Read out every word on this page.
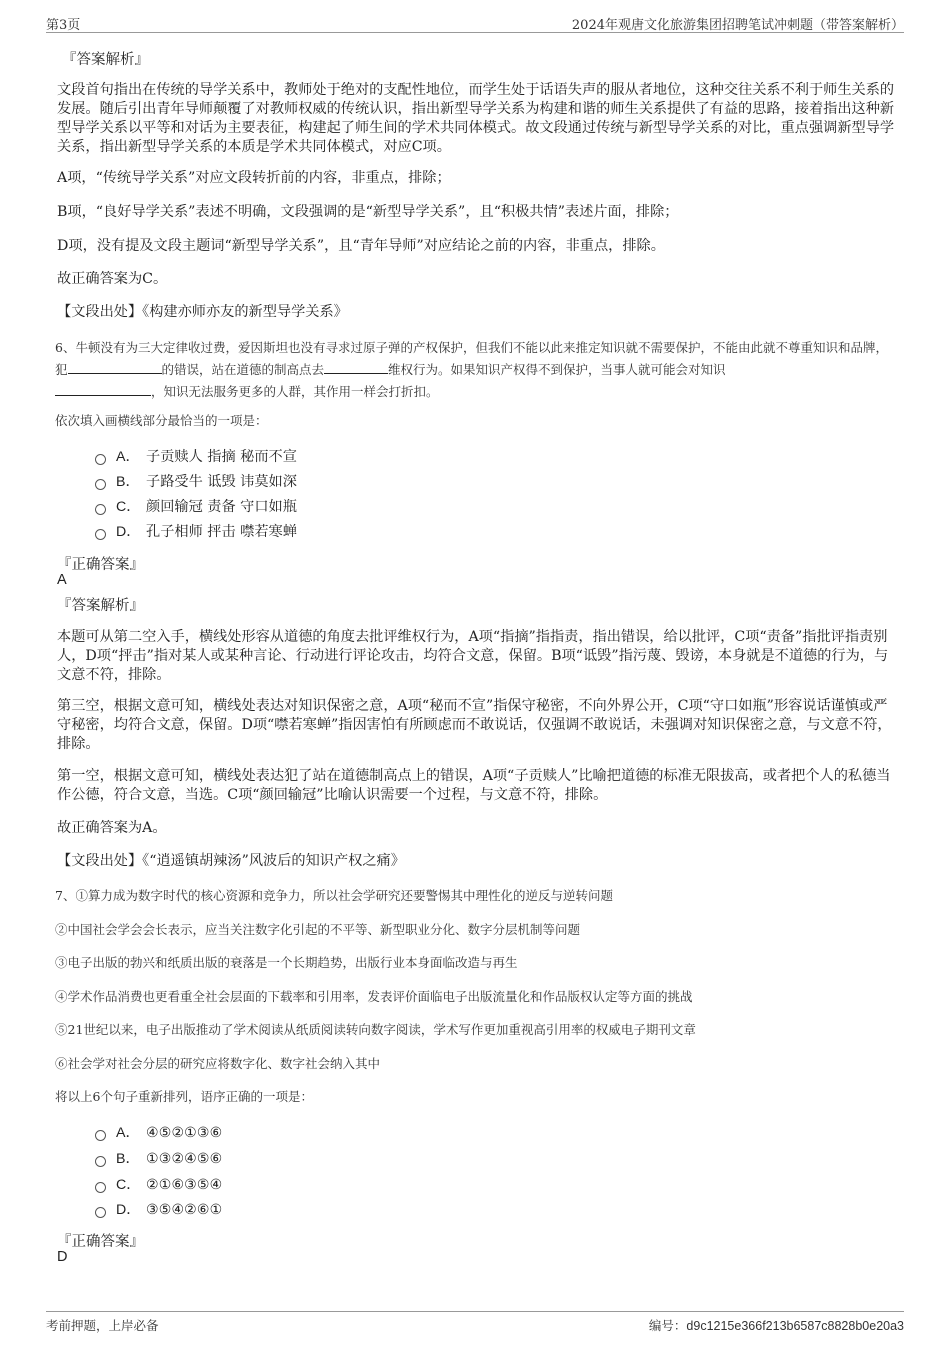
第3页	2024年观唐文化旅游集团招聘笔试冲刺题（带答案解析）
『答案解析』
文段首句指出在传统的导学关系中，教师处于绝对的支配性地位，而学生处于话语失声的服从者地位，这种交往关系不利于师生关系的发展。随后引出青年导师颠覆了对教师权威的传统认识，指出新型导学关系为构建和谐的师生关系提供了有益的思路，接着指出这种新型导学关系以平等和对话为主要表征，构建起了师生间的学术共同体模式。故文段通过传统与新型导学关系的对比，重点强调新型导学关系，指出新型导学关系的本质是学术共同体模式，对应C项。
A项，“传统导学关系”对应文段转折前的内容，非重点，排除；
B项，“良好导学关系”表述不明确，文段强调的是“新型导学关系”，且“积极共情”表述片面，排除；
D项，没有提及文段主题词“新型导学关系”，且“青年导师”对应结论之前的内容，非重点，排除。
故正确答案为C。
【文段出处】《构建亦师亦友的新型导学关系》
6、牛顿没有为三大定律收过费，爱因斯坦也没有寻求过原子弹的产权保护，但我们不能以此来推定知识就不需要保护，不能由此就不尊重知识和品牌，犯	的错误，站在道德的制高点去	维权行为。如果知识产权得不到保护，当事人就可能会对知识
，知识无法服务更多的人群，其作用一样会打折扣。
依次填入画横线部分最恰当的一项是：
A． 子贡赎人 指摘 秘而不宣
B． 子路受牛 诋毁 讳莫如深
C． 颜回输冠 责备 守口如瓶
D． 孔子相师 抨击 噤若寒蝉
『正确答案』
A
『答案解析』
本题可从第二空入手，横线处形容从道德的角度去批评维权行为，A项“指摘”指指责，指出错误，给以批评，C项“责备”指批评指责别人，D项“抨击”指对某人或某种言论、行动进行评论攻击，均符合文意，保留。B项“诋毁”指污蔑、毁谤，本身就是不道德的行为，与文意不符，排除。
第三空，根据文意可知，横线处表达对知识保密之意，A项“秘而不宣”指保守秘密，不向外界公开，C项“守口如瓶”形容说话谨慎或严守秘密，均符合文意，保留。D项“噤若寒蝉”指因害怕有所顾虑而不敢说话，仅强调不敢说话，未强调对知识保密之意，与文意不符，排除。
第一空，根据文意可知，横线处表达犯了站在道德制高点上的错误，A项“子贡赎人”比喻把道德的标准无限拔高，或者把个人的私德当作公德，符合文意，当选。C项“颜回输冠”比喻认识需要一个过程，与文意不符，排除。
故正确答案为A。
【文段出处】《“逍遥镇胡辣汤”风波后的知识产权之痛》
7、①算力成为数字时代的核心资源和竞争力，所以社会学研究还要警惕其中理性化的逆反与逆转问题
②中国社会学会会长表示，应当关注数字化引起的不平等、新型职业分化、数字分层机制等问题
③电子出版的勃兴和纸质出版的衰落是一个长期趋势，出版行业本身面临改造与再生
④学术作品消费也更看重全社会层面的下载率和引用率，发表评价面临电子出版流量化和作品版权认定等方面的挑战
⑤21世纪以来，电子出版推动了学术阅读从纸质阅读转向数字阅读，学术写作更加重视高引用率的权威电子期刊文章
⑥社会学对社会分层的研究应将数字化、数字社会纳入其中
将以上6个句子重新排列，语序正确的一项是：
A． ④⑤②①③⑥
B． ①③②④⑤⑥
C． ②①⑥③⑤④
D． ③⑤④②⑥①
『正确答案』
D
考前押题，上岸必备	编号：d9c1215e366f213b6587c8828b0e20a3
